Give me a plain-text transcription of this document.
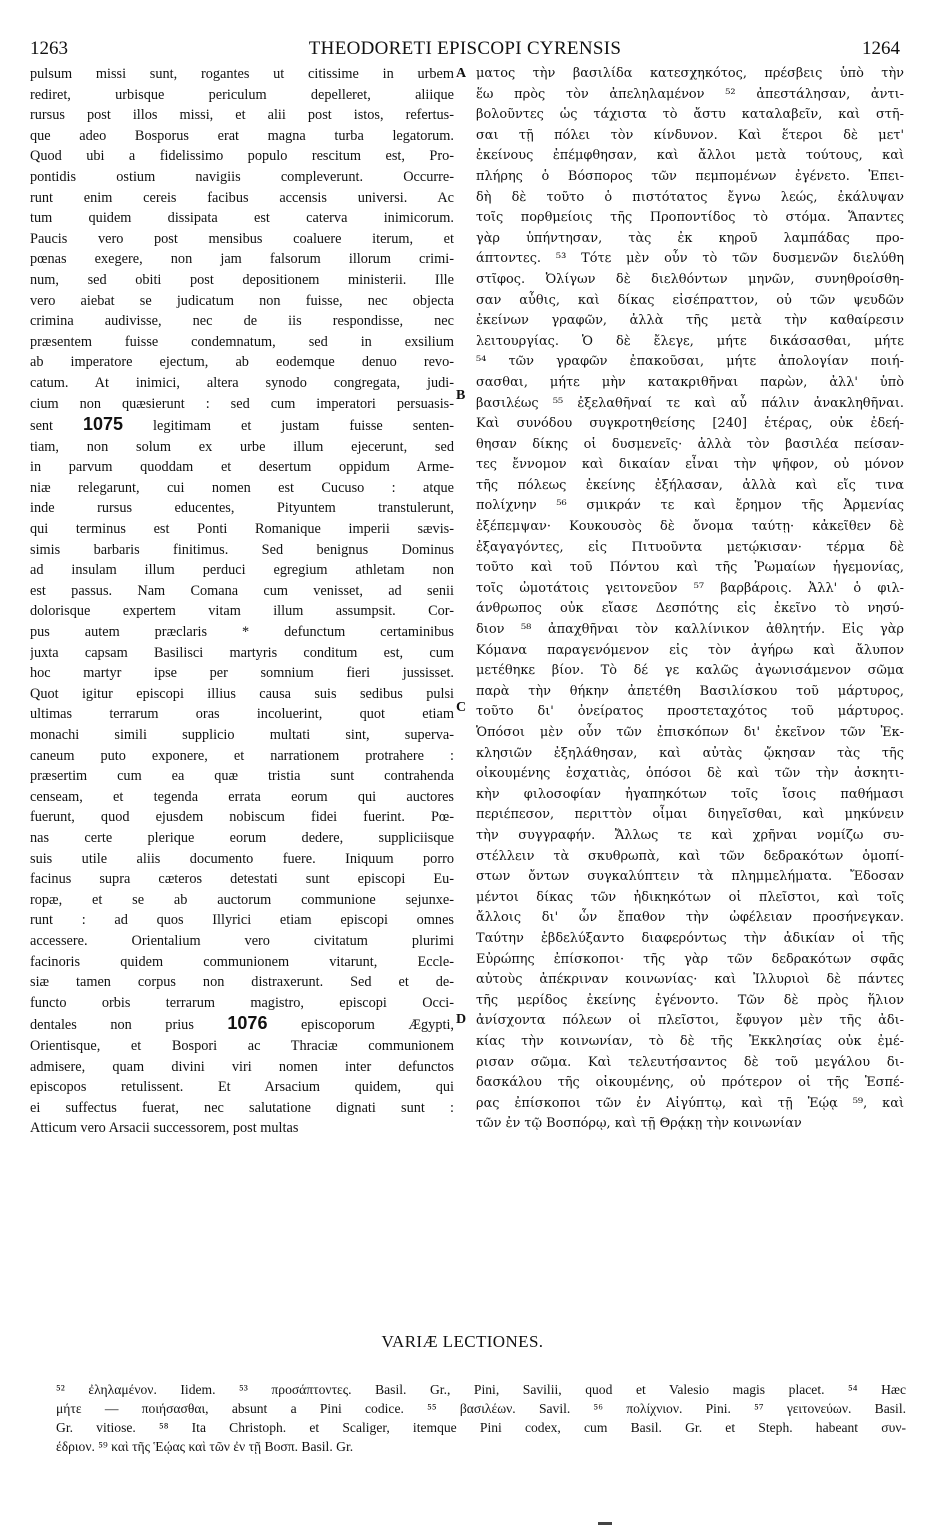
1263	THEODORETI EPISCOPI CYRENSIS	1264
pulsum missi sunt, rogantes ut citissime in urbem
rediret, urbisque periculum depelleret, aliique
rursus post illos missi, et alii post istos, refertus-
que adeo Bosporus erat magna turba legatorum.
Quod ubi a fidelissimo populo rescitum est, Pro-
pontidis ostium navigiis compleverunt. Occurre-
runt enim cereis facibus accensis universi. Ac
tum quidem dissipata est caterva inimicorum.
Paucis vero post mensibus coaluere iterum, et
pœnas exegere, non jam falsorum illorum crimi-
num, sed obiti post depositionem ministerii. Ille
vero aiebat se judicatum non fuisse, nec objecta
crimina audivisse, nec de iis respondisse, nec
præsentem fuisse condemnatum, sed in exsilium
ab imperatore ejectum, ab eodemque denuo revo-
catum. At inimici, altera synodo congregata, judi-
cium non quæsierunt : sed cum imperatori persuasis-
sent 1075 legitimam et justam fuisse senten-
tiam, non solum ex urbe illum ejecerunt, sed
in parvum quoddam et desertum oppidum Arme-
niæ relegarunt, cui nomen est Cucuso : atque
inde rursus educentes, Pityuntem transtulerunt,
qui terminus est Ponti Romanique imperii sævis-
simis barbaris finitimus. Sed benignus Dominus
ad insulam illum perduci egregium athletam non
est passus. Nam Comana cum venisset, ad senii
dolorisque expertem vitam illum assumpsit. Cor-
pus autem præclaris * defunctum certaminibus
juxta capsam Basilisci martyris conditum est, cum
hoc martyr ipse per somnium fieri jussisset.
Quot igitur episcopi illius causa suis sedibus pulsi
ultimas terrarum oras incoluerint, quot etiam
monachi simili supplicio multati sint, superva-
caneum puto exponere, et narrationem protrahere :
præsertim cum ea quæ tristia sunt contrahenda
censeam, et tegenda errata eorum qui auctores
fuerunt, quod ejusdem nobiscum fidei fuerint. Pœ-
nas certe plerique eorum dedere, suppliciisque
suis utile aliis documento fuere. Iniquum porro
facinus supra cæteros detestati sunt episcopi Eu-
ropæ, et se ab auctorum communione sejunxe-
runt : ad quos Illyrici etiam episcopi omnes
accessere. Orientalium vero civitatum plurimi
facinoris quidem communionem vitarunt, Eccle-
siæ tamen corpus non distraxerunt. Sed et de-
functo orbis terrarum magistro, episcopi Occi-
dentales non prius 1076 episcoporum Ægypti,
Orientisque, et Bospori ac Thraciæ communionem
admisere, quam divini viri nomen inter defunctos
episcopos retulissent. Et Arsacium quidem, qui
ei suffectus fuerat, nec salutatione dignati sunt :
Atticum vero Arsacii successorem, post multas
ματος τὴν βασιλίδα κατεσχηκότος, πρέσβεις ὑπὸ τὴν
ἕω πρὸς τὸν ἀπεληλαμένον ⁵² ἀπεστάλησαν, ἀντι-
βολοῦντες ὡς τάχιστα τὸ ἄστυ καταλαβεῖν, καὶ στῆ-
σαι τῇ πόλει τὸν κίνδυνον. Καὶ ἕτεροι δὲ μετ'
ἐκείνους ἐπέμφθησαν, καὶ ἄλλοι μετὰ τούτους, καὶ
πλήρης ὁ Βόσπορος τῶν πεμπομένων ἐγένετο. Ἐπει-
δὴ δὲ τοῦτο ὁ πιστότατος ἔγνω λεώς, ἐκάλυψαν
τοῖς πορθμείοις τῆς Προποντίδος τὸ στόμα. Ἅπαντες
γὰρ ὑπήντησαν, τὰς ἐκ κηροῦ λαμπάδας προ-
άπτοντες. ⁵³ Τότε μὲν οὖν τὸ τῶν δυσμενῶν διελύθη
στῖφος. Ὀλίγων δὲ διελθόντων μηνῶν, συνηθροίσθη-
σαν αὖθις, καὶ δίκας εἰσέπραττον, οὐ τῶν ψευδῶν
ἐκείνων γραφῶν, ἀλλὰ τῆς μετὰ τὴν καθαίρεσιν
λειτουργίας. Ὁ δὲ ἔλεγε, μήτε δικάσασθαι, μήτε
⁵⁴ τῶν γραφῶν ἐπακοῦσαι, μήτε ἀπολογίαν ποιή-
σασθαι, μήτε μὴν κατακριθῆναι παρὼν, ἀλλ' ὑπὸ
βασιλέως ⁵⁵ ἐξελαθῆναί τε καὶ αὖ πάλιν ἀνακληθῆναι.
Καὶ συνόδου συγκροτηθείσης [240] ἑτέρας, οὐκ ἐδεή-
θησαν δίκης οἱ δυσμενεῖς· ἀλλὰ τὸν βασιλέα πείσαν-
τες ἔννομον καὶ δικαίαν εἶναι τὴν ψῆφον, οὐ μόνον
τῆς πόλεως ἐκείνης ἐξήλασαν, ἀλλὰ καὶ εἴς τινα
πολίχνην ⁵⁶ σμικράν τε καὶ ἔρημον τῆς Ἀρμενίας
ἐξέπεμψαν· Κουκουσὸς δὲ ὄνομα ταύτῃ· κἀκεῖθεν δὲ
ἐξαγαγόντες, εἰς Πιτυοῦντα μετῴκισαν· τέρμα δὲ
τοῦτο καὶ τοῦ Πόντου καὶ τῆς Ῥωμαίων ἡγεμονίας,
τοῖς ὠμοτάτοις γειτονεῦον ⁵⁷ βαρβάροις. Ἀλλ' ὁ φιλ-
άνθρωπος οὐκ εἴασε Δεσπότης εἰς ἐκεῖνο τὸ νησύ-
διον ⁵⁸ ἀπαχθῆναι τὸν καλλίνικον ἀθλητήν. Εἰς γὰρ
Κόμανα παραγενόμενον εἰς τὸν ἀγήρω καὶ ἄλυπον
μετέθηκε βίον. Τὸ δέ γε καλῶς ἀγωνισάμενον σῶμα
παρὰ τὴν θήκην ἀπετέθη Βασιλίσκου τοῦ μάρτυρος,
τοῦτο δι' ὀνείρατος προστεταχότος τοῦ μάρτυρος.
Ὁπόσοι μὲν οὖν τῶν ἐπισκόπων δι' ἐκεῖνον τῶν Ἐκ-
κλησιῶν ἐξηλάθησαν, καὶ αὐτὰς ᾤκησαν τὰς τῆς
οἰκουμένης ἐσχατιὰς, ὁπόσοι δὲ καὶ τῶν τὴν ἀσκητι-
κὴν φιλοσοφίαν ἠγαπηκότων τοῖς ἴσοις παθήμασι
περιέπεσον, περιττὸν οἶμαι διηγεῖσθαι, καὶ μηκύνειν
τὴν συγγραφήν. Ἄλλως τε καὶ χρῆναι νομίζω συ-
στέλλειν τὰ σκυθρωπὰ, καὶ τῶν δεδρακότων ὁμοπί-
στων ὄντων συγκαλύπτειν τὰ πλημμελήματα. Ἔδοσαν
μέντοι δίκας τῶν ἠδικηκότων οἱ πλεῖστοι, καὶ τοῖς
ἄλλοις δι' ὧν ἔπαθον τὴν ὠφέλειαν προσήνεγκαν.
Ταύτην ἐβδελύξαντο διαφερόντως τὴν ἀδικίαν οἱ τῆς
Εὐρώπης ἐπίσκοποι· τῆς γὰρ τῶν δεδρακότων σφᾶς
αὐτοὺς ἀπέκριναν κοινωνίας· καὶ Ἰλλυριοὶ δὲ πάντες
τῆς μερίδος ἐκείνης ἐγένοντο. Τῶν δὲ πρὸς ἥλιον
ἀνίσχοντα πόλεων οἱ πλεῖστοι, ἔφυγον μὲν τῆς ἀδι-
κίας τὴν κοινωνίαν, τὸ δὲ τῆς Ἐκκλησίας οὐκ ἐμέ-
ρισαν σῶμα. Καὶ τελευτήσαντος δὲ τοῦ μεγάλου δι-
δασκάλου τῆς οἰκουμένης, οὐ πρότερον οἱ τῆς Ἑσπέ-
ρας ἐπίσκοποι τῶν ἐν Αἰγύπτῳ, καὶ τῇ Ἑῴᾳ ⁵⁹, καὶ
τῶν ἐν τῷ Βοσπόρῳ, καὶ τῇ Θρᾴκῃ τὴν κοινωνίαν
A
B
C
D
VARIÆ LECTIONES.
⁵² ἐληλαμένον. Iidem. ⁵³ προσάπτοντες. Basil. Gr., Pini, Savilii, quod et Valesio magis placet. ⁵⁴ Hæc
μήτε — ποιήσασθαι, absunt a Pini codice. ⁵⁵ βασιλέων. Savil. ⁵⁶ πολίχνιον. Pini. ⁵⁷ γειτονεύων. Basil.
Gr. vitiose. ⁵⁸ Ita Christoph. et Scaliger, itemque Pini codex, cum Basil. Gr. et Steph. habeant συν-
έδριον. ⁵⁹ καὶ τῆς Ἑῴας καὶ τῶν ἐν τῇ Βοσπ. Basil. Gr.
